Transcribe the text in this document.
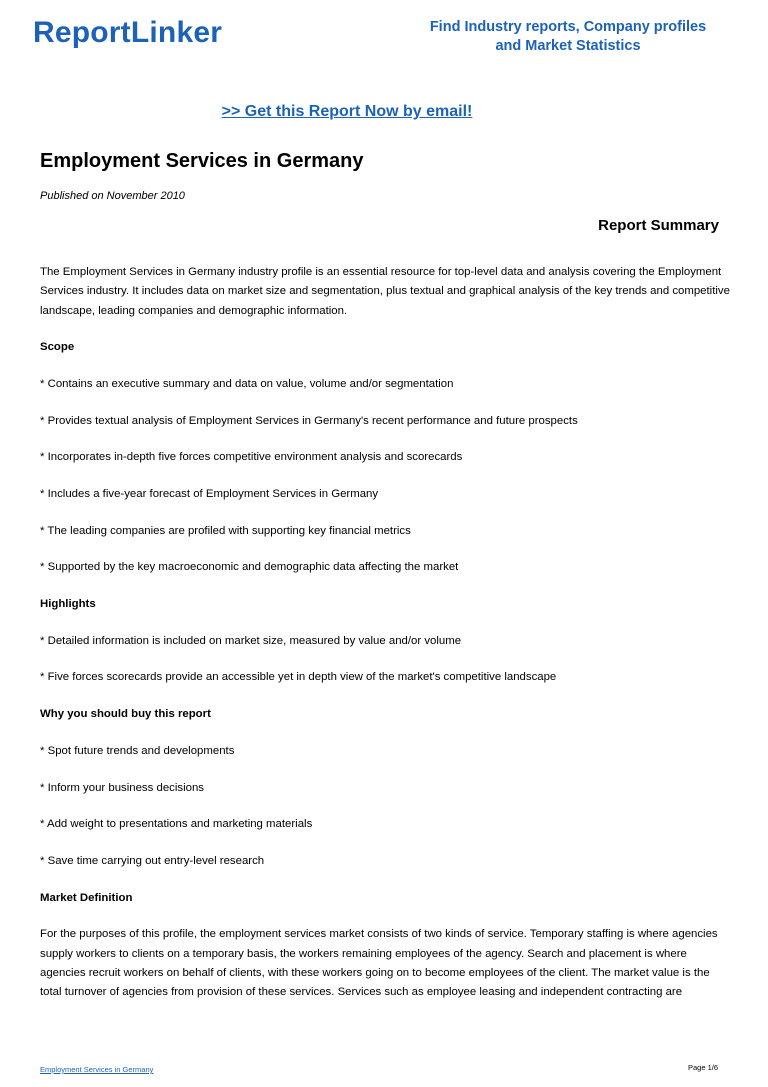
ReportLinker	Find Industry reports, Company profiles
and Market Statistics
>> Get this Report Now by email!
Employment Services in Germany
Published on November 2010
Report Summary

The Employment Services in Germany industry profile is an essential resource for top-level data and analysis covering the Employment Services industry. It includes data on market size and segmentation, plus textual and graphical analysis of the key trends and competitive landscape, leading companies and demographic information.

Scope

* Contains an executive summary and data on value, volume and/or segmentation

* Provides textual analysis of Employment Services in Germany's recent performance and future prospects

* Incorporates in-depth five forces competitive environment analysis and scorecards

* Includes a five-year forecast of Employment Services in Germany

* The leading companies are profiled with supporting key financial metrics

* Supported by the key macroeconomic and demographic data affecting the market

Highlights

* Detailed information is included on market size, measured by value and/or volume

* Five forces scorecards provide an accessible yet in depth view of the market's competitive landscape

Why you should buy this report

* Spot future trends and developments

* Inform your business decisions

* Add weight to presentations and marketing materials

* Save time carrying out entry-level research

Market Definition

For the purposes of this profile, the employment services market consists of two kinds of service. Temporary staffing is where agencies supply workers to clients on a temporary basis, the workers remaining employees of the agency. Search and placement is where agencies recruit workers on behalf of clients, with these workers going on to become employees of the client. The market value is the total turnover of agencies from provision of these services. Services such as employee leasing and independent contracting are

Employment Services in Germany	Page 1/6
